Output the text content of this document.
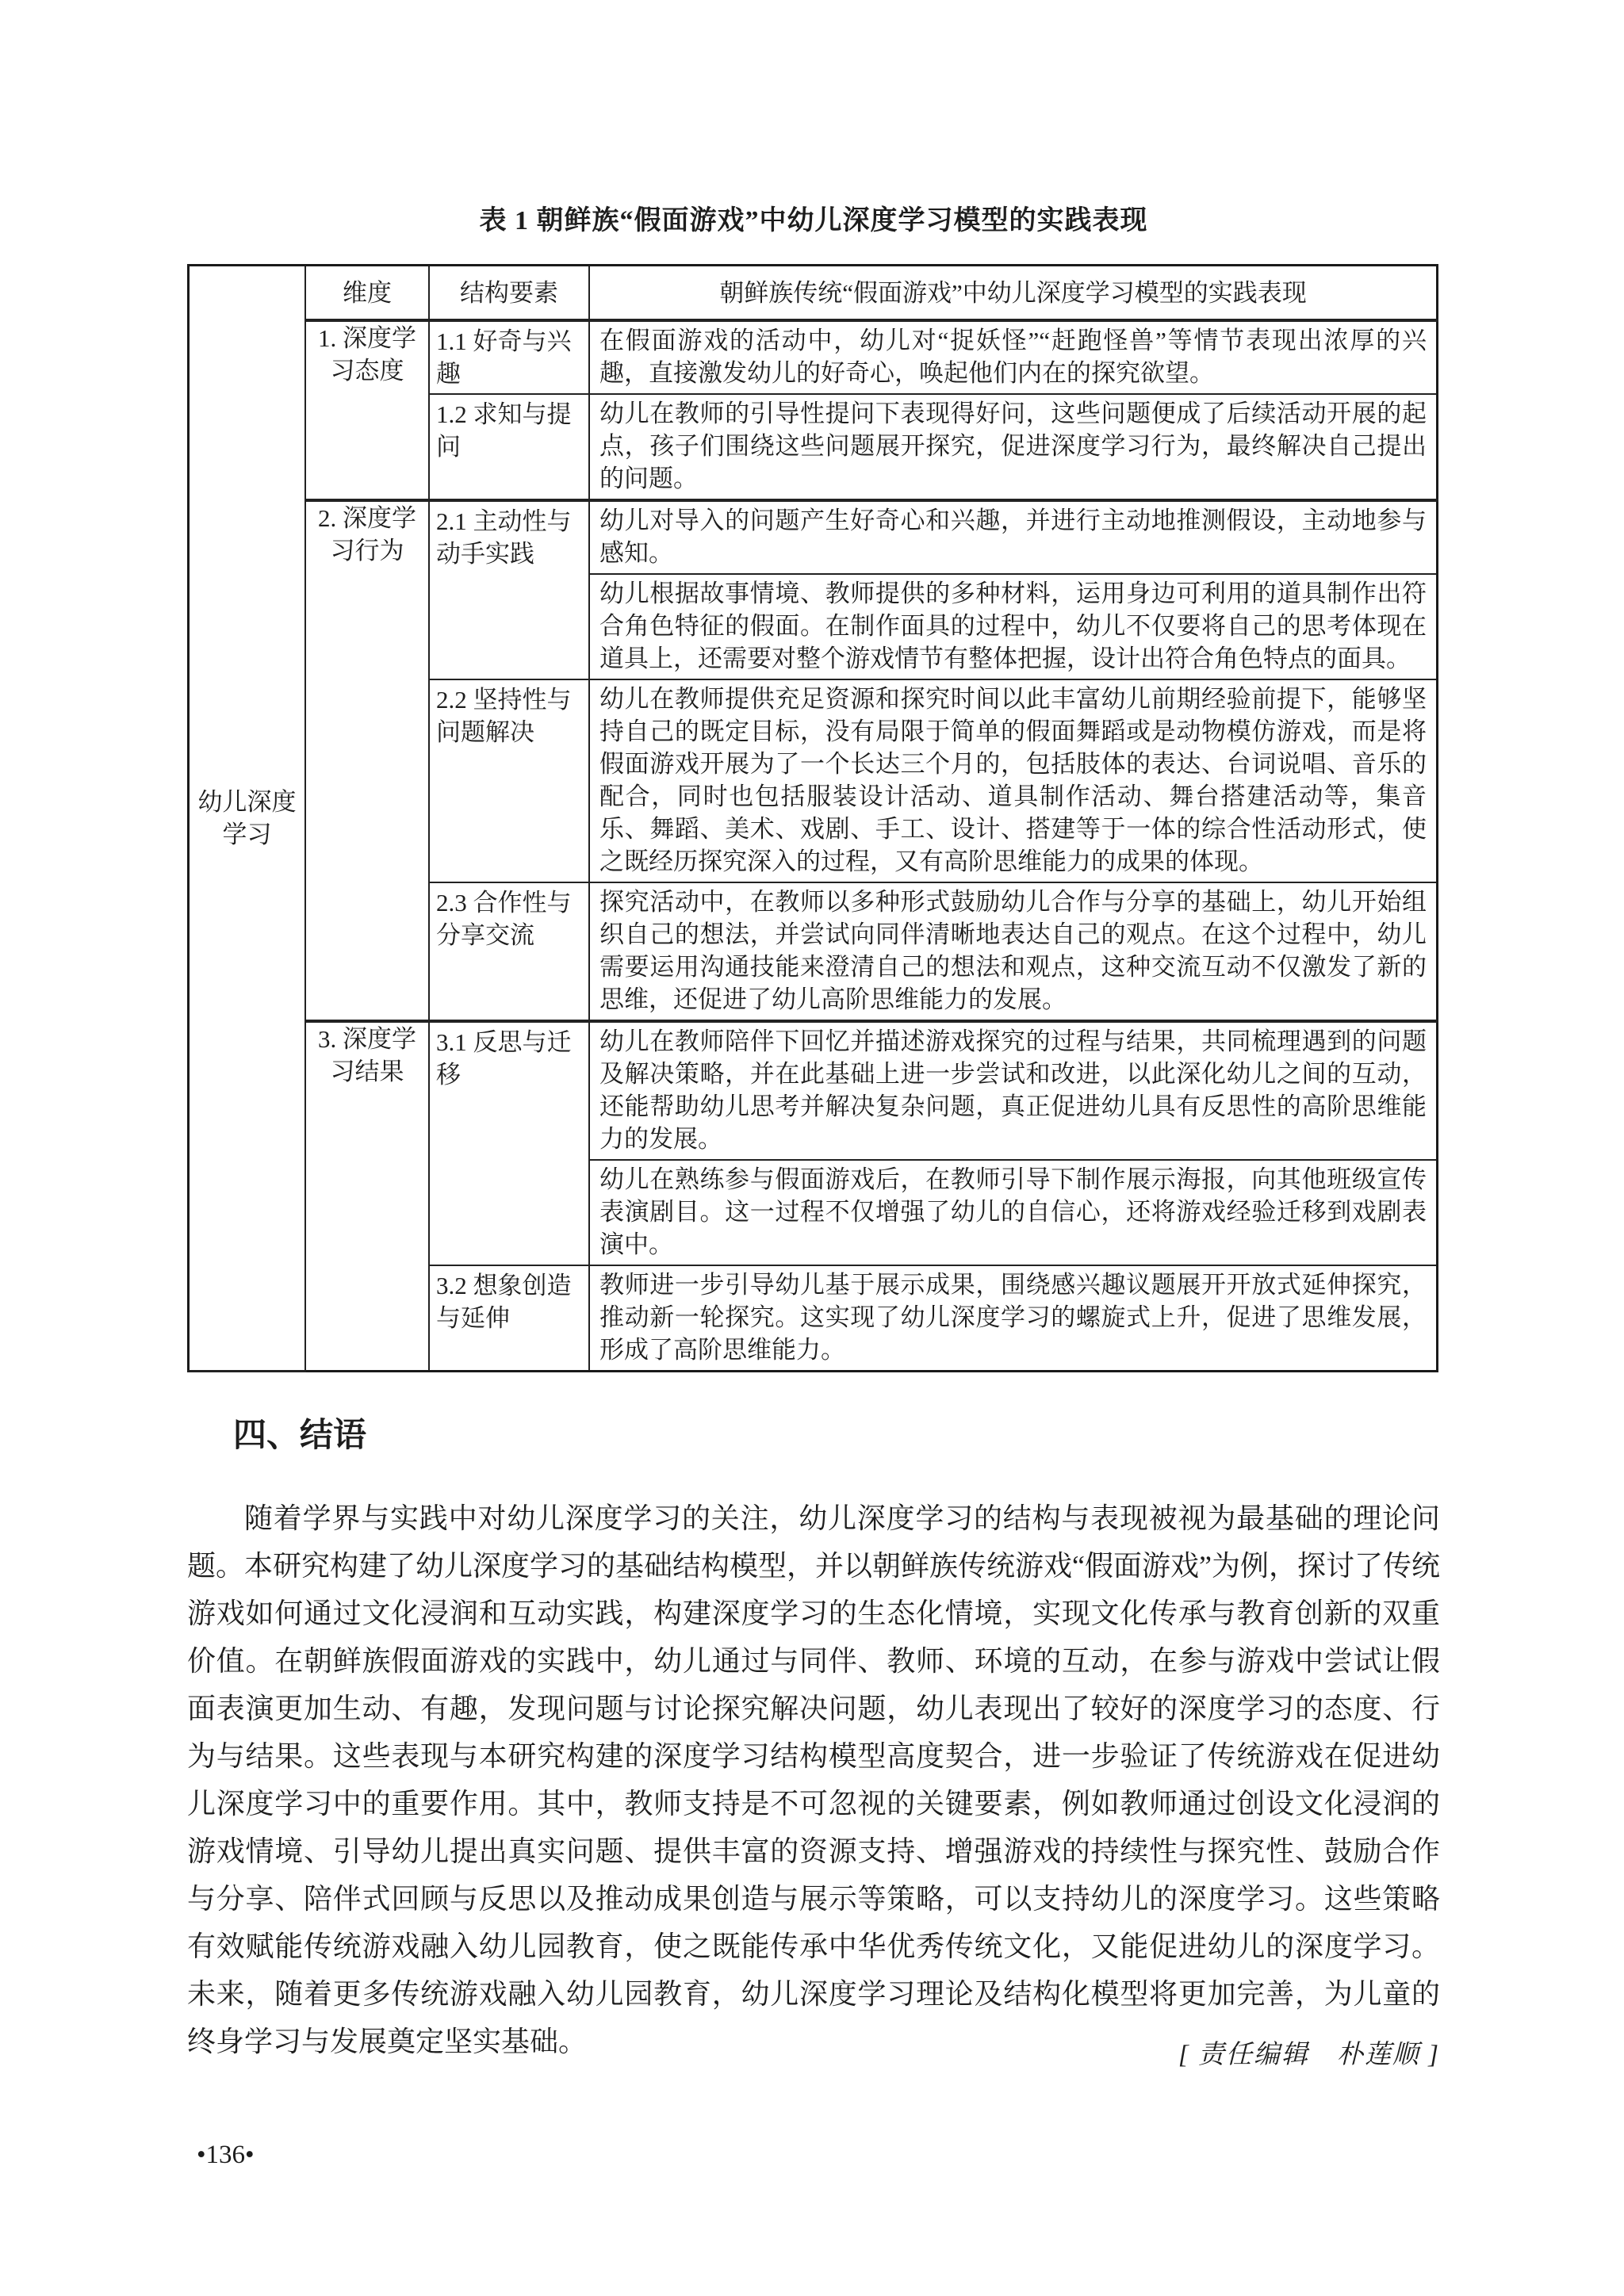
表 1 朝鲜族“假面游戏”中幼儿深度学习模型的实践表现
幼儿深度学习	维度	结构要素	朝鲜族传统“假面游戏”中幼儿深度学习模型的实践表现
	1. 深度学习态度	1.1 好奇与兴趣	在假面游戏的活动中，幼儿对“捉妖怪”“赶跑怪兽”等情节表现出浓厚的兴趣，直接激发幼儿的好奇心，唤起他们内在的探究欲望。
		1.2 求知与提问	幼儿在教师的引导性提问下表现得好问，这些问题便成了后续活动开展的起点，孩子们围绕这些问题展开探究，促进深度学习行为，最终解决自己提出的问题。
	2. 深度学习行为	2.1 主动性与动手实践	幼儿对导入的问题产生好奇心和兴趣，并进行主动地推测假设，主动地参与感知。
			幼儿根据故事情境、教师提供的多种材料，运用身边可利用的道具制作出符合角色特征的假面。在制作面具的过程中，幼儿不仅要将自己的思考体现在道具上，还需要对整个游戏情节有整体把握，设计出符合角色特点的面具。
		2.2 坚持性与问题解决	幼儿在教师提供充足资源和探究时间以此丰富幼儿前期经验前提下，能够坚持自己的既定目标，没有局限于简单的假面舞蹈或是动物模仿游戏，而是将假面游戏开展为了一个长达三个月的，包括肢体的表达、台词说唱、音乐的配合，同时也包括服装设计活动、道具制作活动、舞台搭建活动等，集音乐、舞蹈、美术、戏剧、手工、设计、搭建等于一体的综合性活动形式，使之既经历探究深入的过程，又有高阶思维能力的成果的体现。
		2.3 合作性与分享交流	探究活动中，在教师以多种形式鼓励幼儿合作与分享的基础上，幼儿开始组织自己的想法，并尝试向同伴清晰地表达自己的观点。在这个过程中，幼儿需要运用沟通技能来澄清自己的想法和观点，这种交流互动不仅激发了新的思维，还促进了幼儿高阶思维能力的发展。
	3. 深度学习结果	3.1 反思与迁移	幼儿在教师陪伴下回忆并描述游戏探究的过程与结果，共同梳理遇到的问题及解决策略，并在此基础上进一步尝试和改进，以此深化幼儿之间的互动，还能帮助幼儿思考并解决复杂问题，真正促进幼儿具有反思性的高阶思维能力的发展。
			幼儿在熟练参与假面游戏后，在教师引导下制作展示海报，向其他班级宣传表演剧目。这一过程不仅增强了幼儿的自信心，还将游戏经验迁移到戏剧表演中。
		3.2 想象创造与延伸	教师进一步引导幼儿基于展示成果，围绕感兴趣议题展开开放式延伸探究，推动新一轮探究。这实现了幼儿深度学习的螺旋式上升，促进了思维发展，形成了高阶思维能力。
四、结语
随着学界与实践中对幼儿深度学习的关注，幼儿深度学习的结构与表现被视为最基础的理论问题。本研究构建了幼儿深度学习的基础结构模型，并以朝鲜族传统游戏“假面游戏”为例，探讨了传统游戏如何通过文化浸润和互动实践，构建深度学习的生态化情境，实现文化传承与教育创新的双重价值。在朝鲜族假面游戏的实践中，幼儿通过与同伴、教师、环境的互动，在参与游戏中尝试让假面表演更加生动、有趣，发现问题与讨论探究解决问题，幼儿表现出了较好的深度学习的态度、行为与结果。这些表现与本研究构建的深度学习结构模型高度契合，进一步验证了传统游戏在促进幼儿深度学习中的重要作用。其中，教师支持是不可忽视的关键要素，例如教师通过创设文化浸润的游戏情境、引导幼儿提出真实问题、提供丰富的资源支持、增强游戏的持续性与探究性、鼓励合作与分享、陪伴式回顾与反思以及推动成果创造与展示等策略，可以支持幼儿的深度学习。这些策略有效赋能传统游戏融入幼儿园教育，使之既能传承中华优秀传统文化，又能促进幼儿的深度学习。未来，随着更多传统游戏融入幼儿园教育，幼儿深度学习理论及结构化模型将更加完善，为儿童的终身学习与发展奠定坚实基础。	[ 责任编辑　朴莲顺 ]
•136•
